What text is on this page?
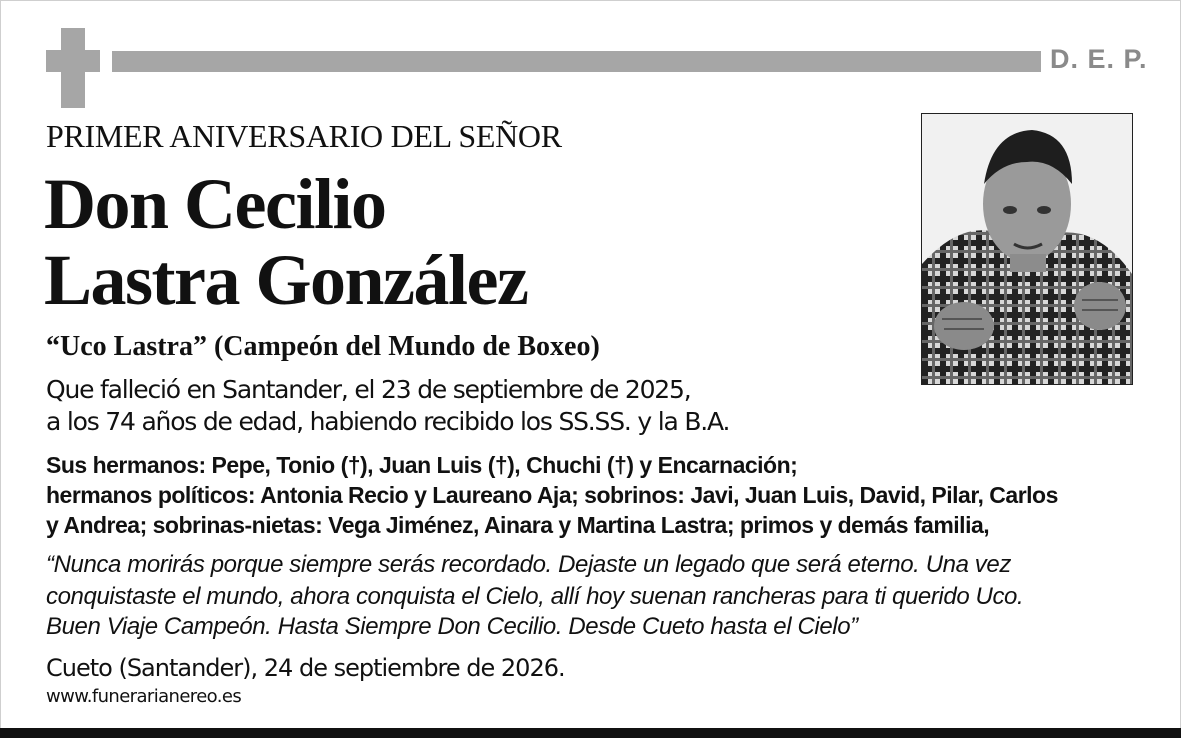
D. E. P.
PRIMER ANIVERSARIO DEL SEÑOR
Don Cecilio
Lastra González
“Uco Lastra” (Campeón del Mundo de Boxeo)
Que falleció en Santander, el 23 de septiembre de 2025,
a los 74 años de edad, habiendo recibido los SS.SS. y la B.A.
Sus hermanos: Pepe, Tonio (†), Juan Luis (†), Chuchi (†) y Encarnación;
hermanos políticos: Antonia Recio y Laureano Aja; sobrinos: Javi, Juan Luis, David, Pilar, Carlos
y Andrea; sobrinas-nietas: Vega Jiménez, Ainara y Martina Lastra; primos y demás familia,
“Nunca morirás porque siempre serás recordado. Dejaste un legado que será eterno. Una vez
conquistaste el mundo, ahora conquista el Cielo, allí hoy suenan rancheras para ti querido Uco.
Buen Viaje Campeón. Hasta Siempre Don Cecilio. Desde Cueto hasta el Cielo”
Cueto (Santander), 24 de septiembre de 2026.
www.funerarianereo.es
